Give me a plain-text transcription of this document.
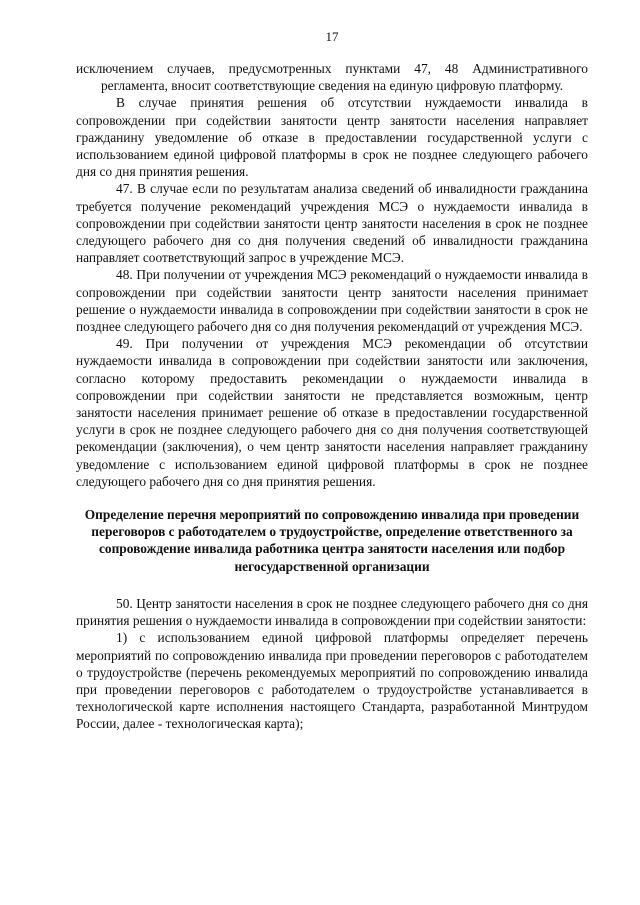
17

исключением случаев, предусмотренных пунктами 47, 48 Административного регламента, вносит соответствующие сведения на единую цифровую платформу.

В случае принятия решения об отсутствии нуждаемости инвалида в сопровождении при содействии занятости центр занятости населения направляет гражданину уведомление об отказе в предоставлении государственной услуги с использованием единой цифровой платформы в срок не позднее следующего рабочего дня со дня принятия решения.

47. В случае если по результатам анализа сведений об инвалидности гражданина требуется получение рекомендаций учреждения МСЭ о нуждаемости инвалида в сопровождении при содействии занятости центр занятости населения в срок не позднее следующего рабочего дня со дня получения сведений об инвалидности гражданина направляет соответствующий запрос в учреждение МСЭ.

48. При получении от учреждения МСЭ рекомендаций о нуждаемости инвалида в сопровождении при содействии занятости центр занятости населения принимает решение о нуждаемости инвалида в сопровождении при содействии занятости в срок не позднее следующего рабочего дня со дня получения рекомендаций от учреждения МСЭ.

49. При получении от учреждения МСЭ рекомендации об отсутствии нуждаемости инвалида в сопровождении при содействии занятости или заключения, согласно которому предоставить рекомендации о нуждаемости инвалида в сопровождении при содействии занятости не представляется возможным, центр занятости населения принимает решение об отказе в предоставлении государственной услуги в срок не позднее следующего рабочего дня со дня получения соответствующей рекомендации (заключения), о чем центр занятости населения направляет гражданину уведомление с использованием единой цифровой платформы в срок не позднее следующего рабочего дня со дня принятия решения.

Определение перечня мероприятий по сопровождению инвалида при проведении переговоров с работодателем о трудоустройстве, определение ответственного за сопровождение инвалида работника центра занятости населения или подбор негосударственной организации

50. Центр занятости населения в срок не позднее следующего рабочего дня со дня принятия решения о нуждаемости инвалида в сопровождении при содействии занятости:

1) с использованием единой цифровой платформы определяет перечень мероприятий по сопровождению инвалида при проведении переговоров с работодателем о трудоустройстве (перечень рекомендуемых мероприятий по сопровождению инвалида при проведении переговоров с работодателем о трудоустройстве устанавливается в технологической карте исполнения настоящего Стандарта, разработанной Минтрудом России, далее - технологическая карта);
